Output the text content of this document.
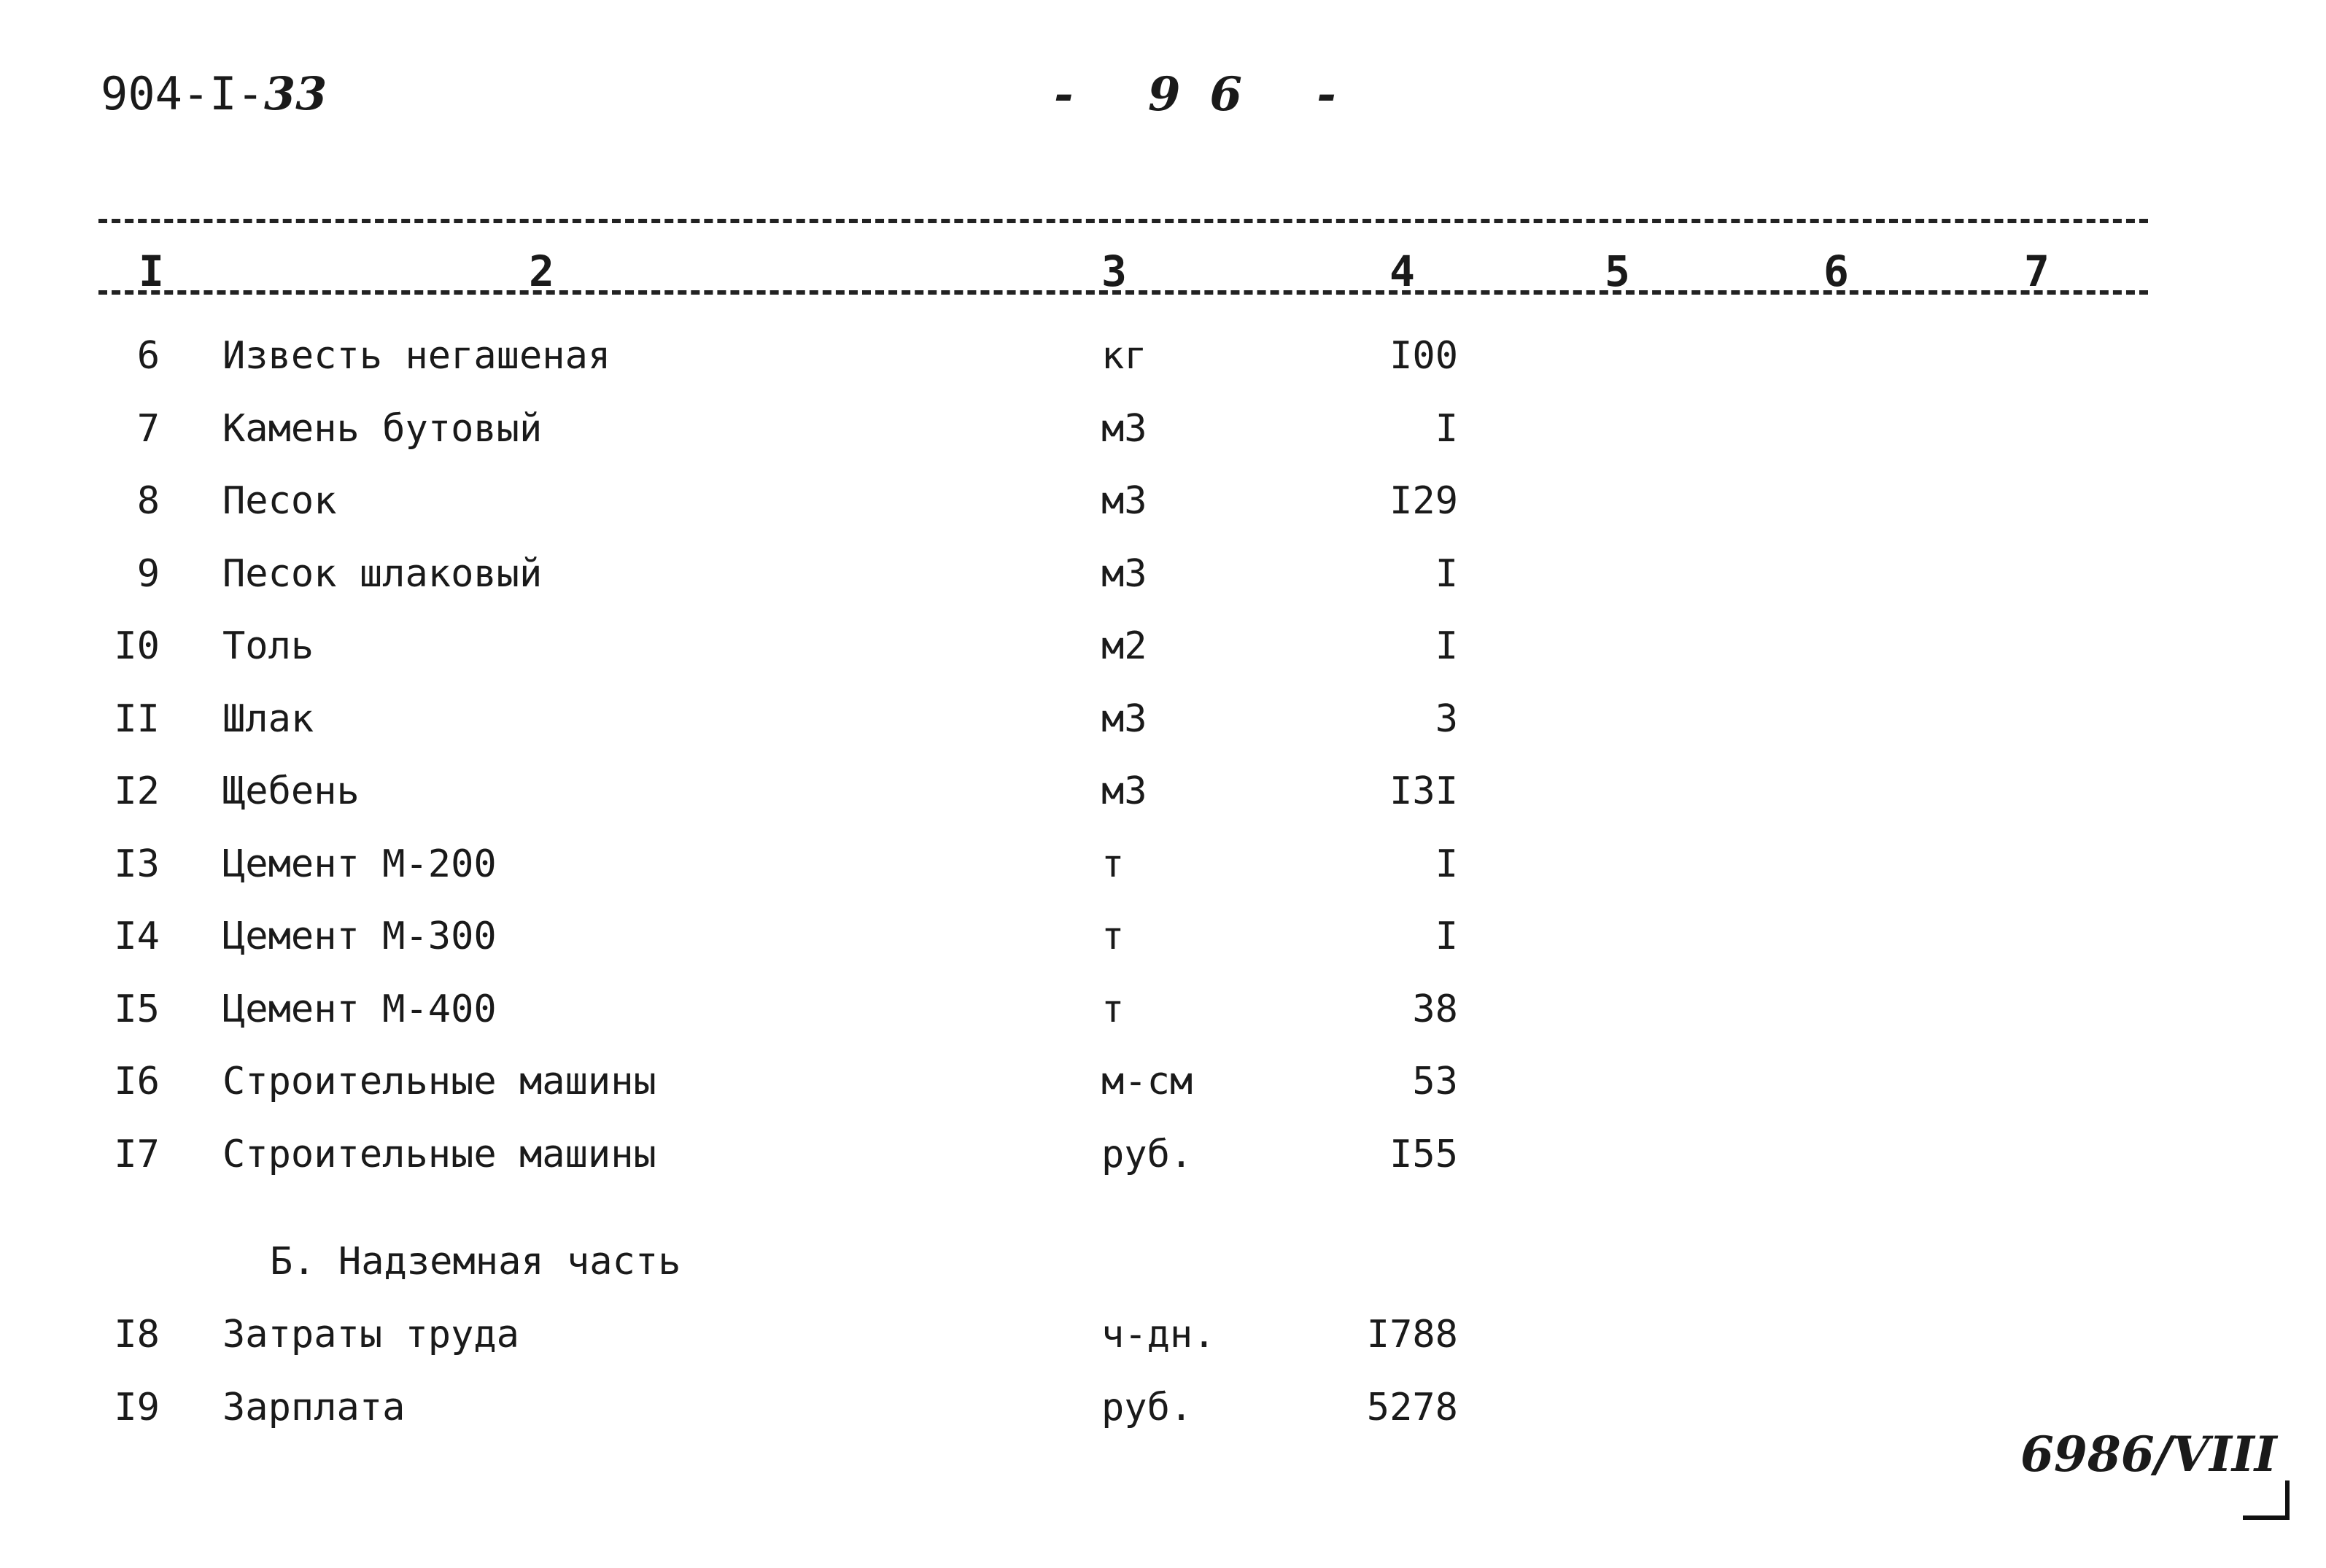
904-I-33	- 96 -
I	2	3	4	5	6	7
6 Известь негашеная	кг	I00
7 Камень бутовый	м3	I
8 Песок	м3	I29
9 Песок шлаковый	м3	I
I0 Толь	м2	I
II Шлак	м3	3
I2 Щебень	м3	I3I
I3 Цемент М-200	т	I
I4 Цемент М-300	т	I
I5 Цемент М-400	т	38
I6 Строительные машины	м-см	53
I7 Строительные машины	руб.	I55
Б. Надземная часть
I8 Затраты труда	ч-дн.	I788
I9 Зарплата	руб.	5278
6986/VIII
